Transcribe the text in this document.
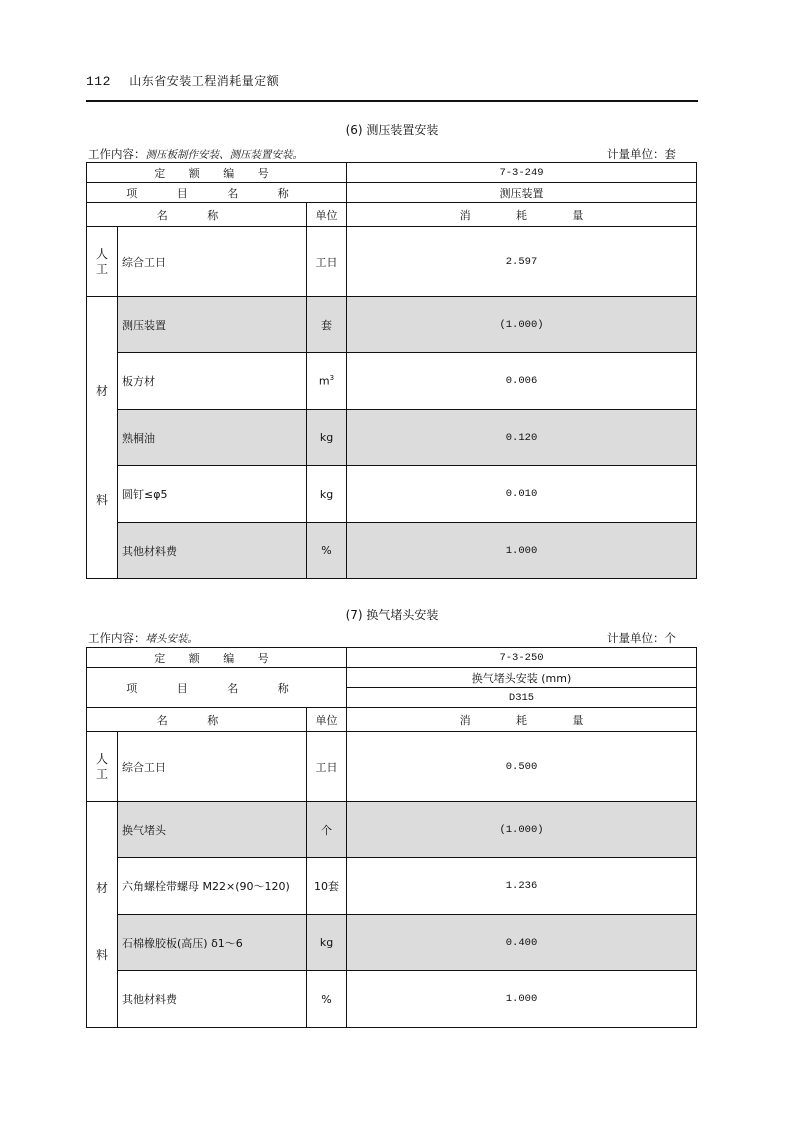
112 山东省安装工程消耗量定额
(6) 测压装置安装
工作内容：测压板制作安装、测压装置安装。	计量单位：套
定 额 编 号			7-3-249
项 目 名 称			测压装置
名 称		单位	消 耗 量

人
工	综合工日	工日	2.597

材
料	测压装置	套	(1.000)
	板方材	$m^3$	0.006
	熟桐油	kg	0.120
	圆钉≤φ5	kg	0.010
	其他材料费	%	1.000
(7) 换气堵头安装
工作内容：堵头安装。	计量单位：个
定 额 编 号			7-3-250
项 目 名 称			换气堵头安装 (mm)
			D315
名 称		单位	消 耗 量

人
工	综合工日	工日	0.500

材
料	换气堵头	个	(1.000)
	六角螺栓带螺母 M22×(90～120)	10套	1.236
	石棉橡胶板(高压) δ1～6	kg	0.400
	其他材料费	%	1.000
